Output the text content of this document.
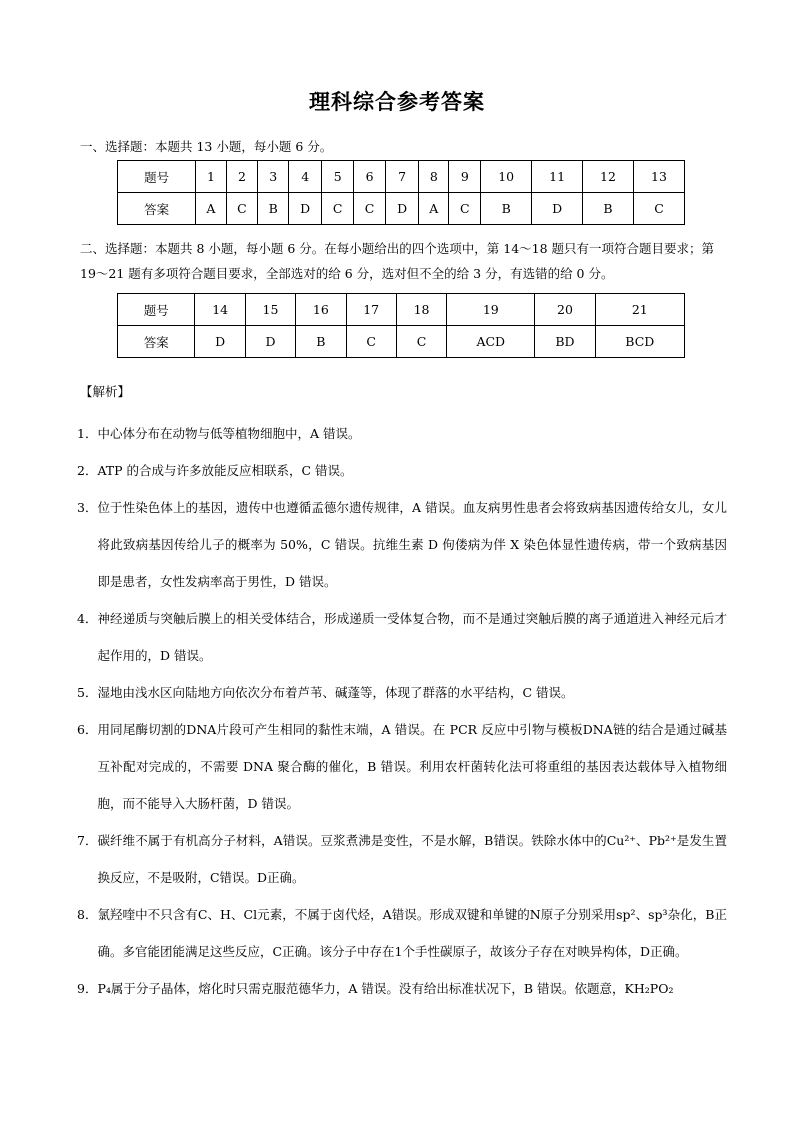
理科综合参考答案
一、选择题：本题共 13 小题，每小题 6 分。
题号	1	2	3	4	5	6	7	8	9	10	11	12	13
答案	A	C	B	D	C	C	D	A	C	B	D	B	C
二、选择题：本题共 8 小题，每小题 6 分。在每小题给出的四个选项中，第 14～18 题只有一项符合题目要求；第 19～21 题有多项符合题目要求，全部选对的给 6 分，选对但不全的给 3 分，有选错的给 0 分。
题号	14	15	16	17	18	19	20	21
答案	D	D	B	C	C	ACD	BD	BCD
【解析】
1． 中心体分布在动物与低等植物细胞中，A 错误。
2． ATP 的合成与许多放能反应相联系，C 错误。
3． 位于性染色体上的基因，遗传中也遵循孟德尔遗传规律，A 错误。血友病男性患者会将致病基因遗传给女儿，女儿将此致病基因传给儿子的概率为 50%，C 错误。抗维生素 D 佝偻病为伴 X 染色体显性遗传病，带一个致病基因即是患者，女性发病率高于男性，D 错误。
4． 神经递质与突触后膜上的相关受体结合，形成递质一受体复合物，而不是通过突触后膜的离子通道进入神经元后才起作用的，D 错误。
5． 湿地由浅水区向陆地方向依次分布着芦苇、碱蓬等，体现了群落的水平结构，C 错误。
6． 用同尾酶切割的DNA片段可产生相同的黏性末端，A 错误。在 PCR 反应中引物与模板DNA链的结合是通过碱基互补配对完成的，不需要 DNA 聚合酶的催化，B 错误。利用农杆菌转化法可将重组的基因表达载体导入植物细胞，而不能导入大肠杆菌，D 错误。
7． 碳纤维不属于有机高分子材料，A错误。豆浆煮沸是变性，不是水解，B错误。铁除水体中的Cu²⁺、Pb²⁺是发生置换反应，不是吸附，C错误。D正确。
8． 氯羟喹中不只含有C、H、Cl元素，不属于卤代烃，A错误。形成双键和单键的N原子分别采用sp²、sp³杂化，B正确。多官能团能满足这些反应，C正确。该分子中存在1个手性碳原子，故该分子存在对映异构体，D正确。
9． P₄属于分子晶体，熔化时只需克服范德华力，A 错误。没有给出标准状况下，B 错误。依题意，KH₂PO₂
